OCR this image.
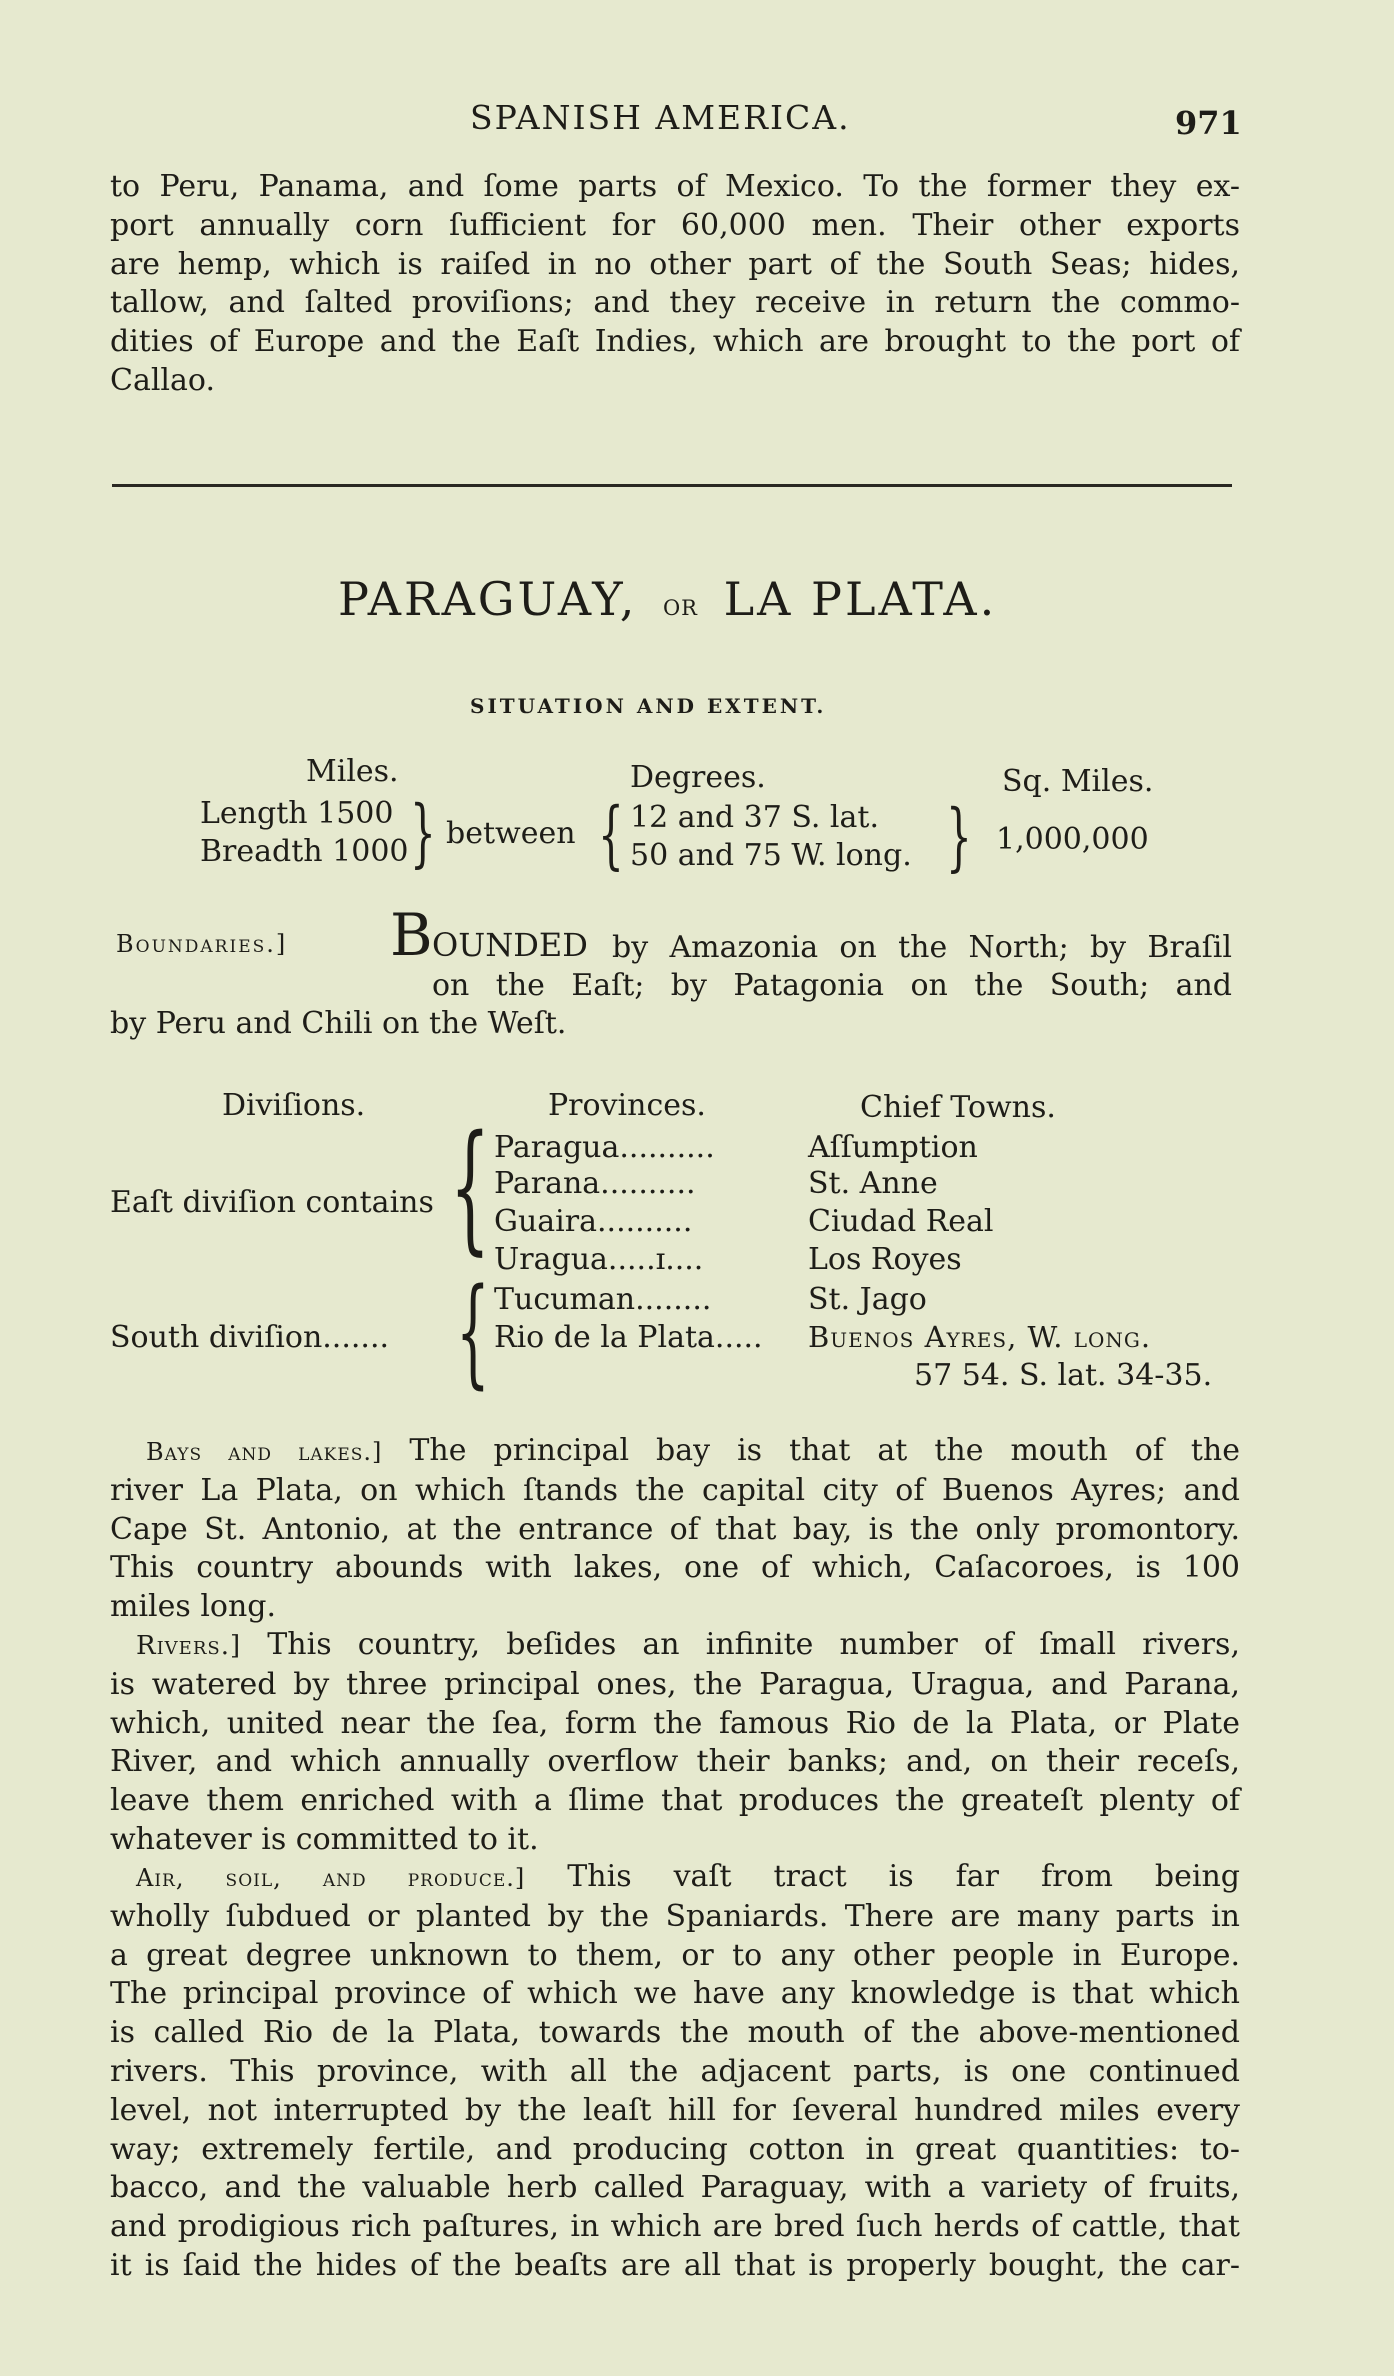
SPANISH AMERICA.	971
to Peru, Panama, and ſome parts of Mexico. To the former they ex-
port annually corn ſufficient for 60,000 men. Their other exports
are hemp, which is raiſed in no other part of the South Seas; hides,
tallow, and ſalted proviſions; and they receive in return the commo-
dities of Europe and the Eaſt Indies, which are brought to the port of
Callao.
PARAGUAY, or LA PLATA.
SITUATION AND EXTENT.
Miles.	Degrees.	Sq. Miles.
Length 1500
Breadth 1000 } between { 12 and 37 S. lat.
50 and 75 W. long. } 1,000,000
Boundaries.] B OUNDED by Amazonia on the North; by Braſil
on the Eaſt; by Patagonia on the South; and
by Peru and Chili on the Weſt.
Diviſions.	Provinces.	Chief Towns.
Eaſt diviſion contains { Paragua..........	Aſſumption
Parana..........	St. Anne
Guaira..........	Ciudad Real
Uragua.....ɪ....	Los Royes
South diviſion....... { Tucuman........	St. Jago
Rio de la Plata..... Buenos Ayres, W. long.
57 54. S. lat. 34-35.
Bays and lakes.] The principal bay is that at the mouth of the
river La Plata, on which ſtands the capital city of Buenos Ayres; and
Cape St. Antonio, at the entrance of that bay, is the only promontory.
This country abounds with lakes, one of which, Caſacoroes, is 100
miles long.
Rivers.] This country, beſides an infinite number of ſmall rivers,
is watered by three principal ones, the Paragua, Uragua, and Parana,
which, united near the ſea, form the famous Rio de la Plata, or Plate
River, and which annually overflow their banks; and, on their receſs,
leave them enriched with a ſlime that produces the greateſt plenty of
whatever is committed to it.
Air, soil, and produce.] This vaſt tract is far from being
wholly ſubdued or planted by the Spaniards. There are many parts in
a great degree unknown to them, or to any other people in Europe.
The principal province of which we have any knowledge is that which
is called Rio de la Plata, towards the mouth of the above-mentioned
rivers. This province, with all the adjacent parts, is one continued
level, not interrupted by the leaſt hill for ſeveral hundred miles every
way; extremely fertile, and producing cotton in great quantities: to-
bacco, and the valuable herb called Paraguay, with a variety of fruits,
and prodigious rich paſtures, in which are bred ſuch herds of cattle, that
it is ſaid the hides of the beaſts are all that is properly bought, the car-
